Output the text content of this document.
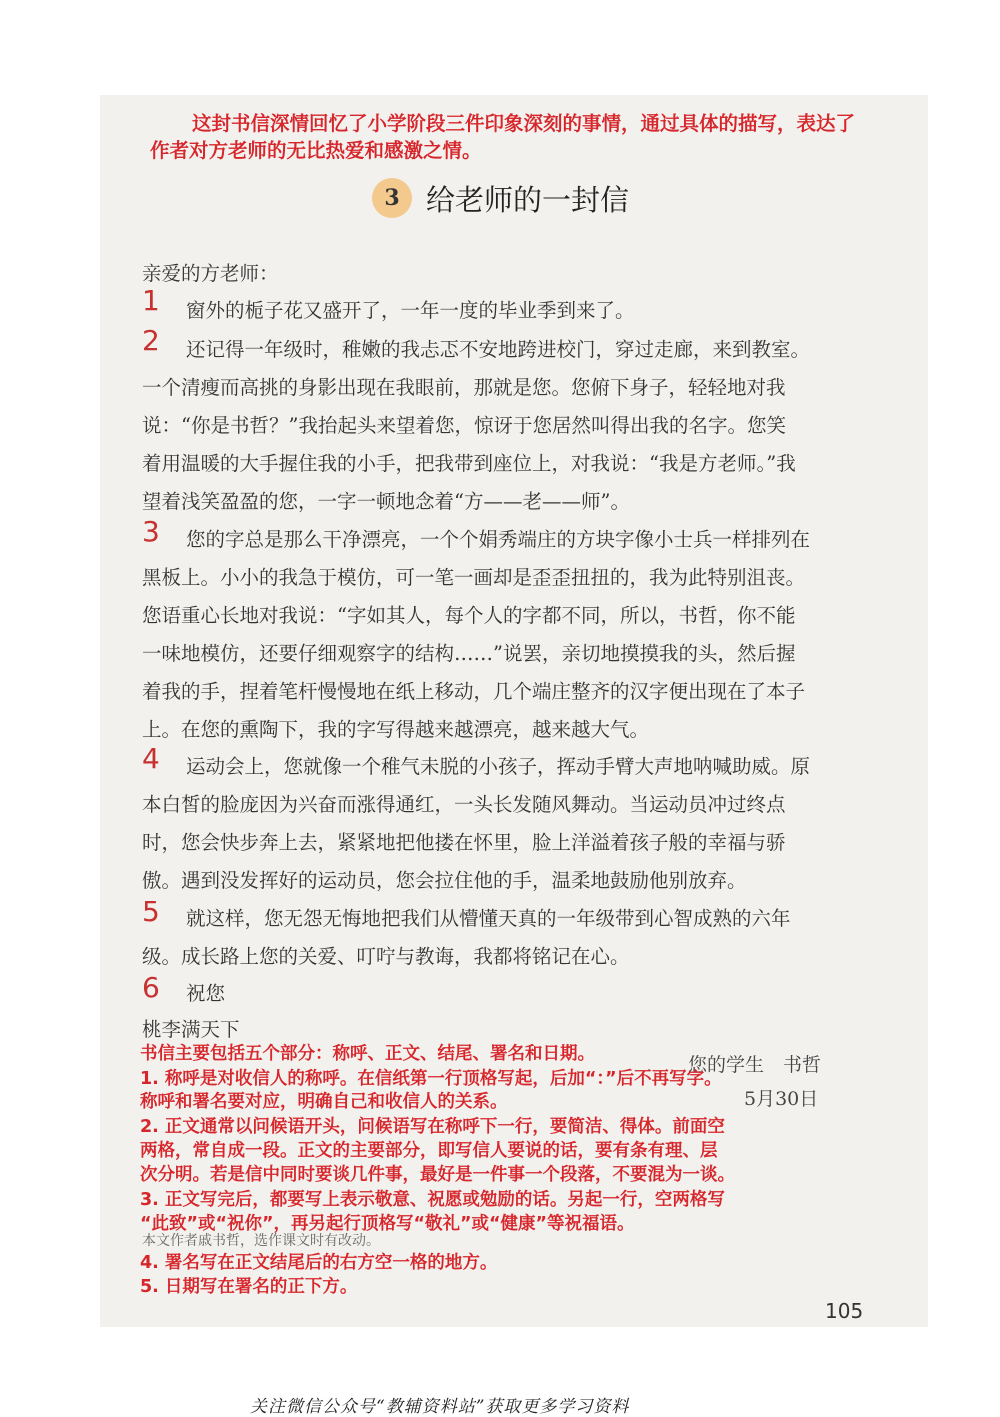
这封书信深情回忆了小学阶段三件印象深刻的事情，通过具体的描写，表达了
作者对方老师的无比热爱和感激之情。
3 给老师的一封信
亲爱的方老师：
1
2
3
4
5
6
窗外的栀子花又盛开了，一年一度的毕业季到来了。
还记得一年级时，稚嫩的我忐忑不安地跨进校门，穿过走廊，来到教室。
一个清瘦而高挑的身影出现在我眼前，那就是您。您俯下身子，轻轻地对我
说：“你是书哲？”我抬起头来望着您，惊讶于您居然叫得出我的名字。您笑
着用温暖的大手握住我的小手，把我带到座位上，对我说：“我是方老师。”我
望着浅笑盈盈的您，一字一顿地念着“方——老——师”。
您的字总是那么干净漂亮，一个个娟秀端庄的方块字像小士兵一样排列在
黑板上。小小的我急于模仿，可一笔一画却是歪歪扭扭的，我为此特别沮丧。
您语重心长地对我说：“字如其人，每个人的字都不同，所以，书哲，你不能
一味地模仿，还要仔细观察字的结构……”说罢，亲切地摸摸我的头，然后握
着我的手，捏着笔杆慢慢地在纸上移动，几个端庄整齐的汉字便出现在了本子
上。在您的熏陶下，我的字写得越来越漂亮，越来越大气。
运动会上，您就像一个稚气未脱的小孩子，挥动手臂大声地呐喊助威。原
本白皙的脸庞因为兴奋而涨得通红，一头长发随风舞动。当运动员冲过终点
时，您会快步奔上去，紧紧地把他搂在怀里，脸上洋溢着孩子般的幸福与骄
傲。遇到没发挥好的运动员，您会拉住他的手，温柔地鼓励他别放弃。
就这样，您无怨无悔地把我们从懵懂天真的一年级带到心智成熟的六年
级。成长路上您的关爱、叮咛与教诲，我都将铭记在心。
祝您
桃李满天下
您的学生　书哲
5月30日
本文作者戚书哲，选作课文时有改动。
书信主要包括五个部分：称呼、正文、结尾、署名和日期。
1. 称呼是对收信人的称呼。在信纸第一行顶格写起，后加“：”后不再写字。
称呼和署名要对应，明确自己和收信人的关系。
2. 正文通常以问候语开头，问候语写在称呼下一行，要简洁、得体。前面空
两格，常自成一段。正文的主要部分，即写信人要说的话，要有条有理、层
次分明。若是信中同时要谈几件事，最好是一件事一个段落，不要混为一谈。
3. 正文写完后，都要写上表示敬意、祝愿或勉励的话。另起一行，空两格写
“此致”或“祝你”，再另起行顶格写“敬礼”或“健康”等祝福语。
4. 署名写在正文结尾后的右方空一格的地方。
5. 日期写在署名的正下方。
105
关注微信公众号“教辅资料站”获取更多学习资料
